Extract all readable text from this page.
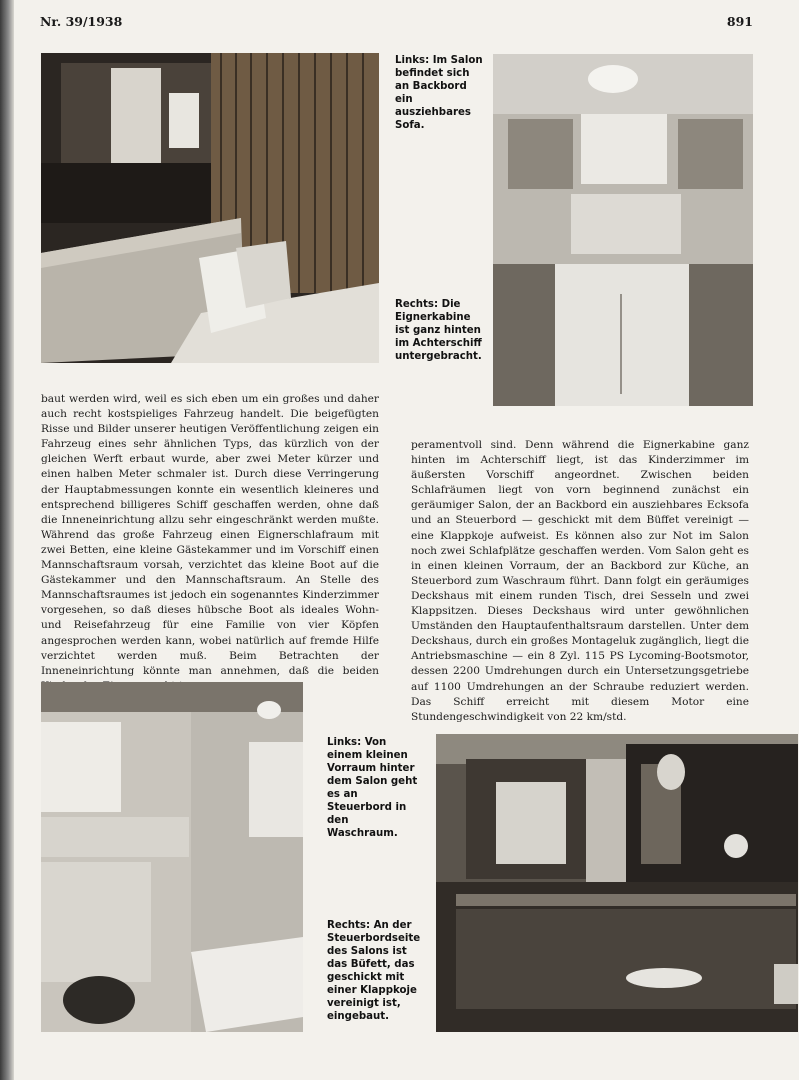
Nr. 39/1938	891
Links: Im Salon befindet sich an Backbord ein ausziehbares Sofa.
Rechts: Die Eignerkabine ist ganz hinten im Achterschiff untergebracht.

baut werden wird, weil es sich eben um ein großes und daher auch recht kostspieliges Fahrzeug handelt. Die beigefügten Risse und Bilder unserer heutigen Veröffentlichung zeigen ein Fahrzeug eines sehr ähnlichen Typs, das kürzlich von der gleichen Werft erbaut wurde, aber zwei Meter kürzer und einen halben Meter schmaler ist. Durch diese Verringerung der Hauptabmessungen konnte ein wesentlich kleineres und entsprechend billigeres Schiff geschaffen werden, ohne daß die Inneneinrichtung allzu sehr eingeschränkt werden mußte. Während das große Fahrzeug einen Eignerschlafraum mit zwei Betten, eine kleine Gästekammer und im Vorschiff einen Mannschaftsraum vorsah, verzichtet das kleine Boot auf die Gästekammer und den Mannschaftsraum. An Stelle des Mannschaftsraumes ist jedoch ein sogenanntes Kinderzimmer vorgesehen, so daß dieses hübsche Boot als ideales Wohn- und Reisefahrzeug für eine Familie von vier Köpfen angesprochen werden kann, wobei natürlich auf fremde Hilfe verzichtet werden muß. Beim Betrachten der Inneneinrichtung könnte man annehmen, daß die beiden

peramentvoll sind. Denn während die Eignerkabine ganz hinten im Achterschiff liegt, ist das Kinderzimmer im äußersten Vorschiff angeordnet. Zwischen beiden Schlafräumen liegt von vorn beginnend zunächst ein geräumiger Salon, der an Backbord ein ausziehbares Ecksofa und an Steuerbord — geschickt mit dem Büffet vereinigt — eine Klappkoje aufweist. Es können also zur Not im Salon noch zwei Schlafplätze geschaffen werden. Vom Salon geht es in einen kleinen Vorraum, der an Backbord zur Küche, an Steuerbord zum Waschraum führt. Dann folgt ein geräumiges Deckshaus mit einem runden Tisch, drei Sesseln und zwei Klappsitzen. Dieses Deckshaus wird unter gewöhnlichen Umständen den Hauptaufenthaltsraum darstellen. Unter dem Deckshaus, durch ein großes Montageluk zugänglich, liegt die Antriebsmaschine — ein 8 Zyl. 115 PS Lycoming-Bootsmotor, dessen 2200 Umdrehungen durch ein Untersetzungsgetriebe auf 1100 Umdrehungen an der Schraube reduziert werden. Das Schiff erreicht mit diesem Motor eine Stundengeschwindigkeit von 22 km/std.

Links: Von einem kleinen Vorraum hinter dem Salon geht es an Steuerbord in den Waschraum.
Rechts: An der Steuerbordseite des Salons ist das Büfett, das geschickt mit einer Klappkoje vereinigt ist, eingebaut.
